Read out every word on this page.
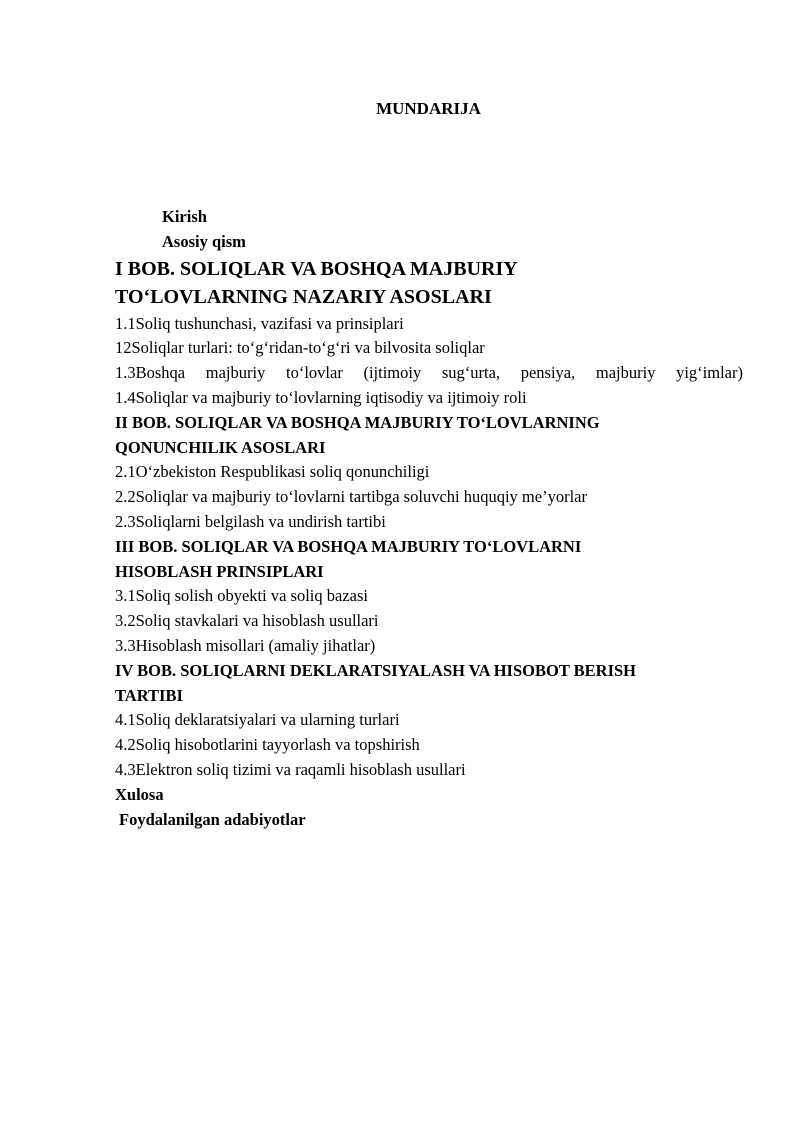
MUNDARIJA
Kirish
Asosiy qism
I BOB. SOLIQLAR VA BOSHQA MAJBURIY
TO‘LOVLARNING NAZARIY ASOSLARI
1.1Soliq tushunchasi, vazifasi va prinsiplari
12Soliqlar turlari: to‘g‘ridan-to‘g‘ri va bilvosita soliqlar
1.3Boshqa majburiy to‘lovlar (ijtimoiy sug‘urta, pensiya, majburiy yig‘imlar)
1.4Soliqlar va majburiy to‘lovlarning iqtisodiy va ijtimoiy roli
II BOB. SOLIQLAR VA BOSHQA MAJBURIY TO‘LOVLARNING
QONUNCHILIK ASOSLARI
2.1O‘zbekiston Respublikasi soliq qonunchiligi
2.2Soliqlar va majburiy to‘lovlarni tartibga soluvchi huquqiy me’yorlar
2.3Soliqlarni belgilash va undirish tartibi
III BOB. SOLIQLAR VA BOSHQA MAJBURIY TO‘LOVLARNI
HISOBLASH PRINSIPLARI
3.1Soliq solish obyekti va soliq bazasi
3.2Soliq stavkalari va hisoblash usullari
3.3Hisoblash misollari (amaliy jihatlar)
IV BOB. SOLIQLARNI DEKLARATSIYALASH VA HISOBOT BERISH
TARTIBI
4.1Soliq deklaratsiyalari va ularning turlari
4.2Soliq hisobotlarini tayyorlash va topshirish
4.3Elektron soliq tizimi va raqamli hisoblash usullari
Xulosa
Foydalanilgan adabiyotlar
